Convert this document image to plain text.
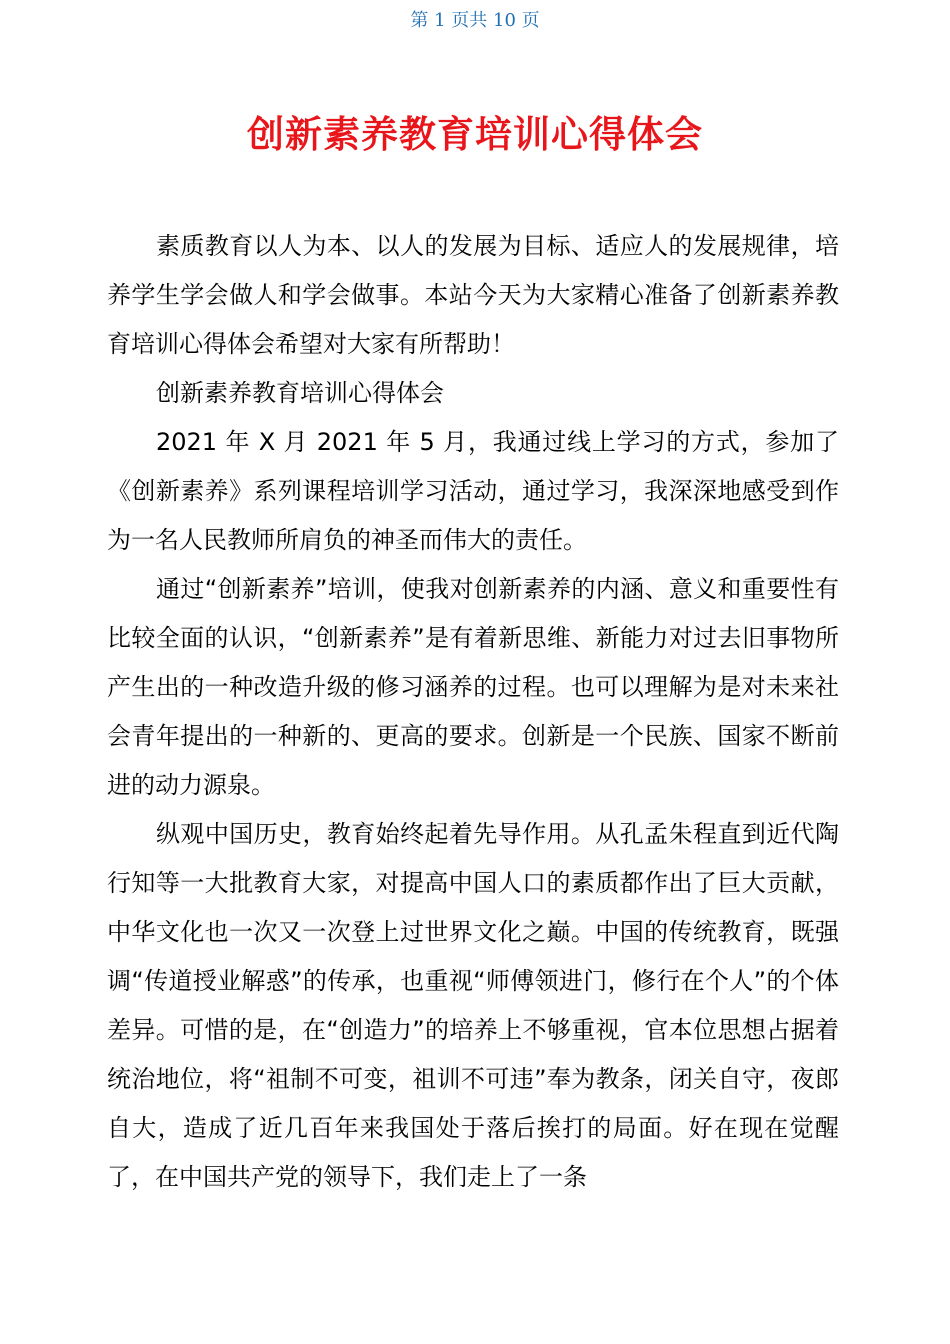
第 1 页共 10 页
创新素养教育培训心得体会

素质教育以人为本、以人的发展为目标、适应人的发展规律，培养学生学会做人和学会做事。本站今天为大家精心准备了创新素养教育培训心得体会希望对大家有所帮助！

创新素养教育培训心得体会

2021 年 X 月 2021 年 5 月，我通过线上学习的方式，参加了《创新素养》系列课程培训学习活动，通过学习，我深深地感受到作为一名人民教师所肩负的神圣而伟大的责任。

通过“创新素养”培训，使我对创新素养的内涵、意义和重要性有比较全面的认识，“创新素养”是有着新思维、新能力对过去旧事物所产生出的一种改造升级的修习涵养的过程。也可以理解为是对未来社会青年提出的一种新的、更高的要求。创新是一个民族、国家不断前进的动力源泉。

纵观中国历史，教育始终起着先导作用。从孔孟朱程直到近代陶行知等一大批教育大家，对提高中国人口的素质都作出了巨大贡献，中华文化也一次又一次登上过世界文化之巅。中国的传统教育，既强调“传道授业解惑”的传承，也重视“师傅领进门，修行在个人”的个体差异。可惜的是，在“创造力”的培养上不够重视，官本位思想占据着统治地位，将“祖制不可变，祖训不可违”奉为教条，闭关自守，夜郎自大，造成了近几百年来我国处于落后挨打的局面。好在现在觉醒了，在中国共产党的领导下，我们走上了一条
